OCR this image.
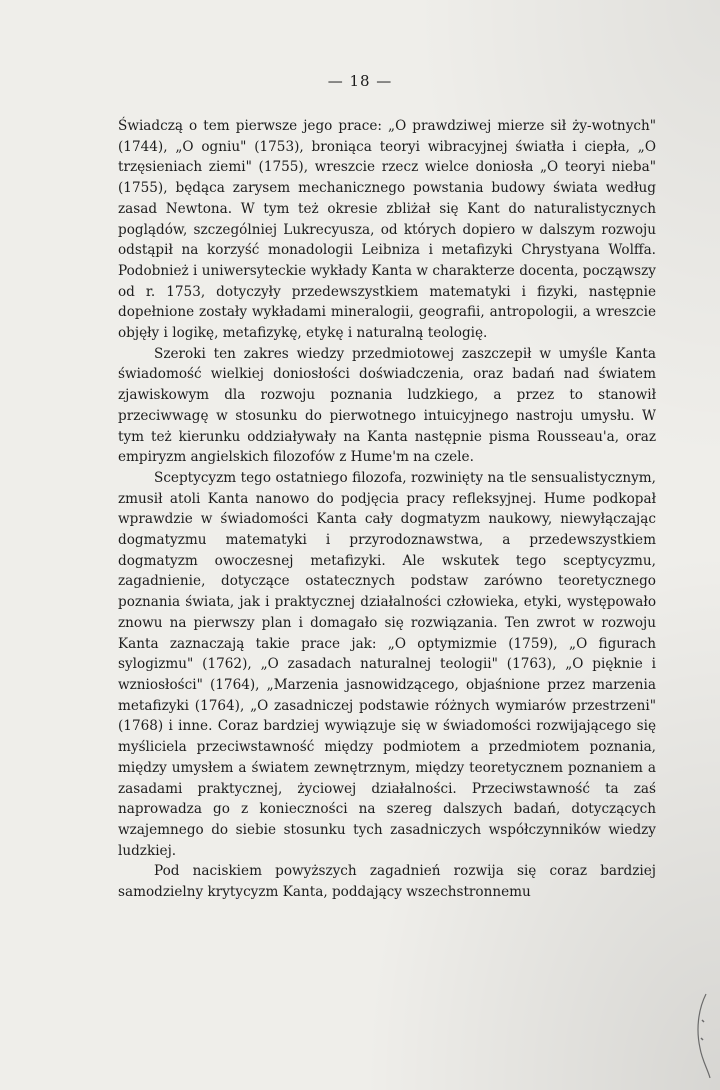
— 18 —

Świadczą o tem pierwsze jego prace: „O prawdziwej mierze sił ży-wotnych" (1744), „O ogniu" (1753), broniąca teoryi wibracyjnej światła i ciepła, „O trzęsieniach ziemi" (1755), wreszcie rzecz wielce doniosła „O teoryi nieba" (1755), będąca zarysem mechanicznego powstania budowy świata według zasad Newtona. W tym też okresie zbliżał się Kant do naturalistycznych poglądów, szczególniej Lukrecyusza, od których dopiero w dalszym rozwoju odstąpił na korzyść monadologii Leibniza i metafizyki Chrystyana Wolffa. Podobnież i uniwersyteckie wykłady Kanta w charakterze docenta, począwszy od r. 1753, dotyczyły przedewszystkiem matematyki i fizyki, następnie dopełnione zostały wykładami mineralogii, geografii, antropologii, a wreszcie objęły i logikę, metafizykę, etykę i naturalną teologię.

Szeroki ten zakres wiedzy przedmiotowej zaszczepił w umyśle Kanta świadomość wielkiej doniosłości doświadczenia, oraz badań nad światem zjawiskowym dla rozwoju poznania ludzkiego, a przez to stanowił przeciwwagę w stosunku do pierwotnego intuicyjnego nastroju umysłu. W tym też kierunku oddziaływały na Kanta następnie pisma Rousseau'a, oraz empiryzm angielskich filozofów z Hume'm na czele.

Sceptycyzm tego ostatniego filozofa, rozwinięty na tle sensualistycznym, zmusił atoli Kanta nanowo do podjęcia pracy refleksyjnej. Hume podkopał wprawdzie w świadomości Kanta cały dogmatyzm naukowy, niewyłączając dogmatyzmu matematyki i przyrodoznawstwa, a przedewszystkiem dogmatyzm owoczesnej metafizyki. Ale wskutek tego sceptycyzmu, zagadnienie, dotyczące ostatecznych podstaw zarówno teoretycznego poznania świata, jak i praktycznej działalności człowieka, etyki, występowało znowu na pierwszy plan i domagało się rozwiązania. Ten zwrot w rozwoju Kanta zaznaczają takie prace jak: „O optymizmie (1759), „O figurach sylogizmu" (1762), „O zasadach naturalnej teologii" (1763), „O pięknie i wzniosłości" (1764), „Marzenia jasnowidzącego, objaśnione przez marzenia metafizyki (1764), „O zasadniczej podstawie różnych wymiarów przestrzeni" (1768) i inne. Coraz bardziej wywiązuje się w świadomości rozwijającego się myśliciela przeciwstawność między podmiotem a przedmiotem poznania, między umysłem a światem zewnętrznym, między teoretycznem poznaniem a zasadami praktycznej, życiowej działalności. Przeciwstawność ta zaś naprowadza go z konieczności na szereg dalszych badań, dotyczących wzajemnego do siebie stosunku tych zasadniczych współczynników wiedzy ludzkiej.

Pod naciskiem powyższych zagadnień rozwija się coraz bardziej samodzielny krytycyzm Kanta, poddający wszechstronnemu
